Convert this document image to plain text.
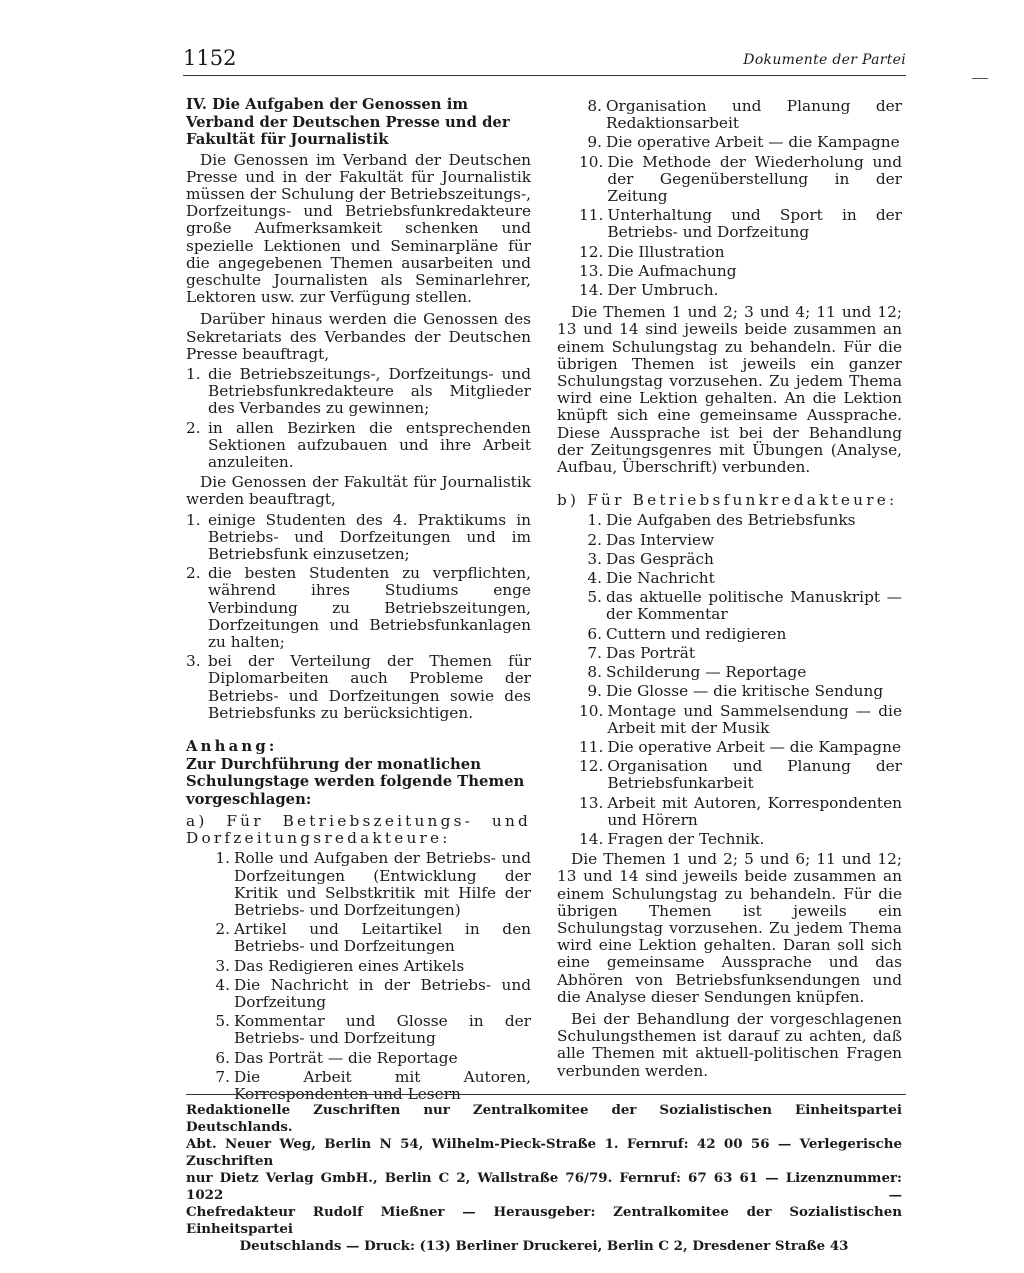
1152	Dokumente der Partei

IV. Die Aufgaben der Genossen im Verband der Deutschen Presse und der Fakultät für Journalistik

Die Genossen im Verband der Deutschen Presse und in der Fakultät für Journalistik müssen der Schulung der Betriebszeitungs-, Dorfzeitungs- und Betriebsfunkredakteure große Aufmerksamkeit schenken und spezielle Lektionen und Seminarpläne für die angegebenen Themen ausarbeiten und geschulte Journalisten als Seminarlehrer, Lektoren usw. zur Verfügung stellen.

Darüber hinaus werden die Genossen des Sekretariats des Verbandes der Deutschen Presse beauftragt,

1. die Betriebszeitungs-, Dorfzeitungs- und Betriebsfunkredakteure als Mitglieder des Verbandes zu gewinnen;
2. in allen Bezirken die entsprechenden Sektionen aufzubauen und ihre Arbeit anzuleiten.

Die Genossen der Fakultät für Journalistik werden beauftragt,

1. einige Studenten des 4. Praktikums in Betriebs- und Dorfzeitungen und im Betriebsfunk einzusetzen;
2. die besten Studenten zu verpflichten, während ihres Studiums enge Verbindung zu Betriebszeitungen, Dorfzeitungen und Betriebsfunkanlagen zu halten;
3. bei der Verteilung der Themen für Diplomarbeiten auch Probleme der Betriebs- und Dorfzeitungen sowie des Betriebsfunks zu berücksichtigen.

Anhang:

Zur Durchführung der monatlichen Schulungstage werden folgende Themen vorgeschlagen:

a) Für Betriebszeitungs- und Dorfzeitungsredakteure:

1. Rolle und Aufgaben der Betriebs- und Dorfzeitungen (Entwicklung der Kritik und Selbstkritik mit Hilfe der Betriebs- und Dorfzeitungen)
2. Artikel und Leitartikel in den Betriebs- und Dorfzeitungen
3. Das Redigieren eines Artikels
4. Die Nachricht in der Betriebs- und Dorfzeitung
5. Kommentar und Glosse in der Betriebs- und Dorfzeitung
6. Das Porträt — die Reportage
7. Die Arbeit mit Autoren, Korrespondenten und Lesern
8. Organisation und Planung der Redaktionsarbeit
9. Die operative Arbeit — die Kampagne
10. Die Methode der Wiederholung und der Gegenüberstellung in der Zeitung
11. Unterhaltung und Sport in der Betriebs- und Dorfzeitung
12. Die Illustration
13. Die Aufmachung
14. Der Umbruch.

Die Themen 1 und 2; 3 und 4; 11 und 12; 13 und 14 sind jeweils beide zusammen an einem Schulungstag zu behandeln. Für die übrigen Themen ist jeweils ein ganzer Schulungstag vorzusehen. Zu jedem Thema wird eine Lektion gehalten. An die Lektion knüpft sich eine gemeinsame Aussprache. Diese Aussprache ist bei der Behandlung der Zeitungsgenres mit Übungen (Analyse, Aufbau, Überschrift) verbunden.

b) Für Betriebsfunkredakteure:

1. Die Aufgaben des Betriebsfunks
2. Das Interview
3. Das Gespräch
4. Die Nachricht
5. das aktuelle politische Manuskript — der Kommentar
6. Cuttern und redigieren
7. Das Porträt
8. Schilderung — Reportage
9. Die Glosse — die kritische Sendung
10. Montage und Sammelsendung — die Arbeit mit der Musik
11. Die operative Arbeit — die Kampagne
12. Organisation und Planung der Betriebsfunkarbeit
13. Arbeit mit Autoren, Korrespondenten und Hörern
14. Fragen der Technik.

Die Themen 1 und 2; 5 und 6; 11 und 12; 13 und 14 sind jeweils beide zusammen an einem Schulungstag zu behandeln. Für die übrigen Themen ist jeweils ein Schulungstag vorzusehen. Zu jedem Thema wird eine Lektion gehalten. Daran soll sich eine gemeinsame Aussprache und das Abhören von Betriebsfunksendungen und die Analyse dieser Sendungen knüpfen.

Bei der Behandlung der vorgeschlagenen Schulungsthemen ist darauf zu achten, daß alle Themen mit aktuell-politischen Fragen verbunden werden.

Redaktionelle Zuschriften nur Zentralkomitee der Sozialistischen Einheitspartei Deutschlands.
Abt. Neuer Weg, Berlin N 54, Wilhelm-Pieck-Straße 1. Fernruf: 42 00 56 — Verlegerische Zuschriften
nur Dietz Verlag GmbH., Berlin C 2, Wallstraße 76/79. Fernruf: 67 63 61 — Lizenznummer: 1022 —
Chefredakteur Rudolf Mießner — Herausgeber: Zentralkomitee der Sozialistischen Einheitspartei
Deutschlands — Druck: (13) Berliner Druckerei, Berlin C 2, Dresdener Straße 43
